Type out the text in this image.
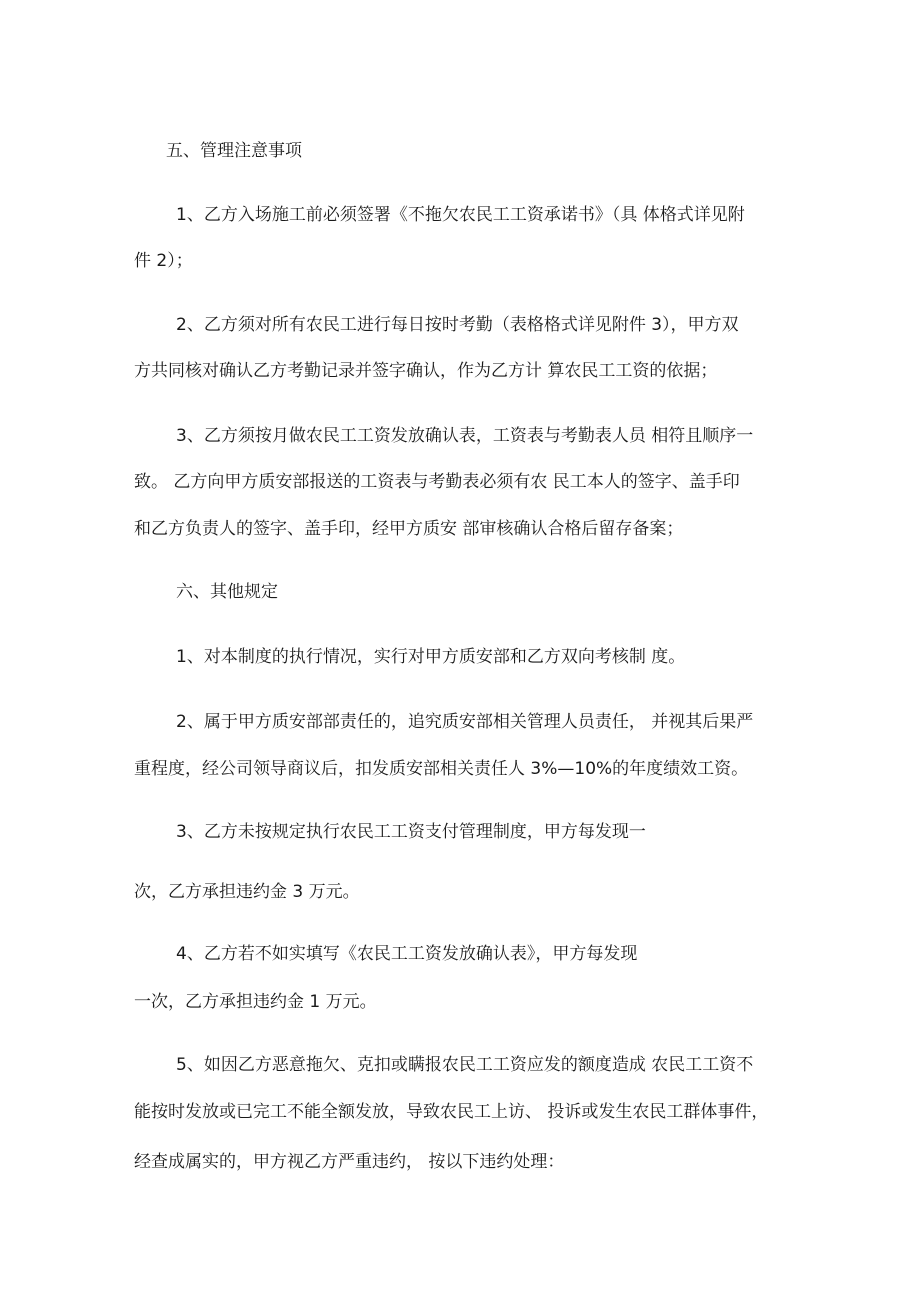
五、管理注意事项
1、乙方入场施工前必须签署《不拖欠农民工工资承诺书》（具 体格式详见附
件 2）；
2、乙方须对所有农民工进行每日按时考勤（表格格式详见附件 3），甲方双
方共同核对确认乙方考勤记录并签字确认，作为乙方计 算农民工工资的依据；
3、乙方须按月做农民工工资发放确认表，工资表与考勤表人员 相符且顺序一
致。 乙方向甲方质安部报送的工资表与考勤表必须有农 民工本人的签字、盖手印
和乙方负责人的签字、盖手印，经甲方质安 部审核确认合格后留存备案；
六、其他规定
1、对本制度的执行情况，实行对甲方质安部和乙方双向考核制 度。
2、属于甲方质安部部责任的，追究质安部相关管理人员责任， 并视其后果严
重程度，经公司领导商议后，扣发质安部相关责任人 3%—10%的年度绩效工资。
3、乙方未按规定执行农民工工资支付管理制度，甲方每发现一
次，乙方承担违约金 3 万元。
4、乙方若不如实填写《农民工工资发放确认表》，甲方每发现
一次，乙方承担违约金 1 万元。
5、如因乙方恶意拖欠、克扣或瞒报农民工工资应发的额度造成 农民工工资不
能按时发放或已完工不能全额发放，导致农民工上访、 投诉或发生农民工群体事件，
经查成属实的，甲方视乙方严重违约， 按以下违约处理：
